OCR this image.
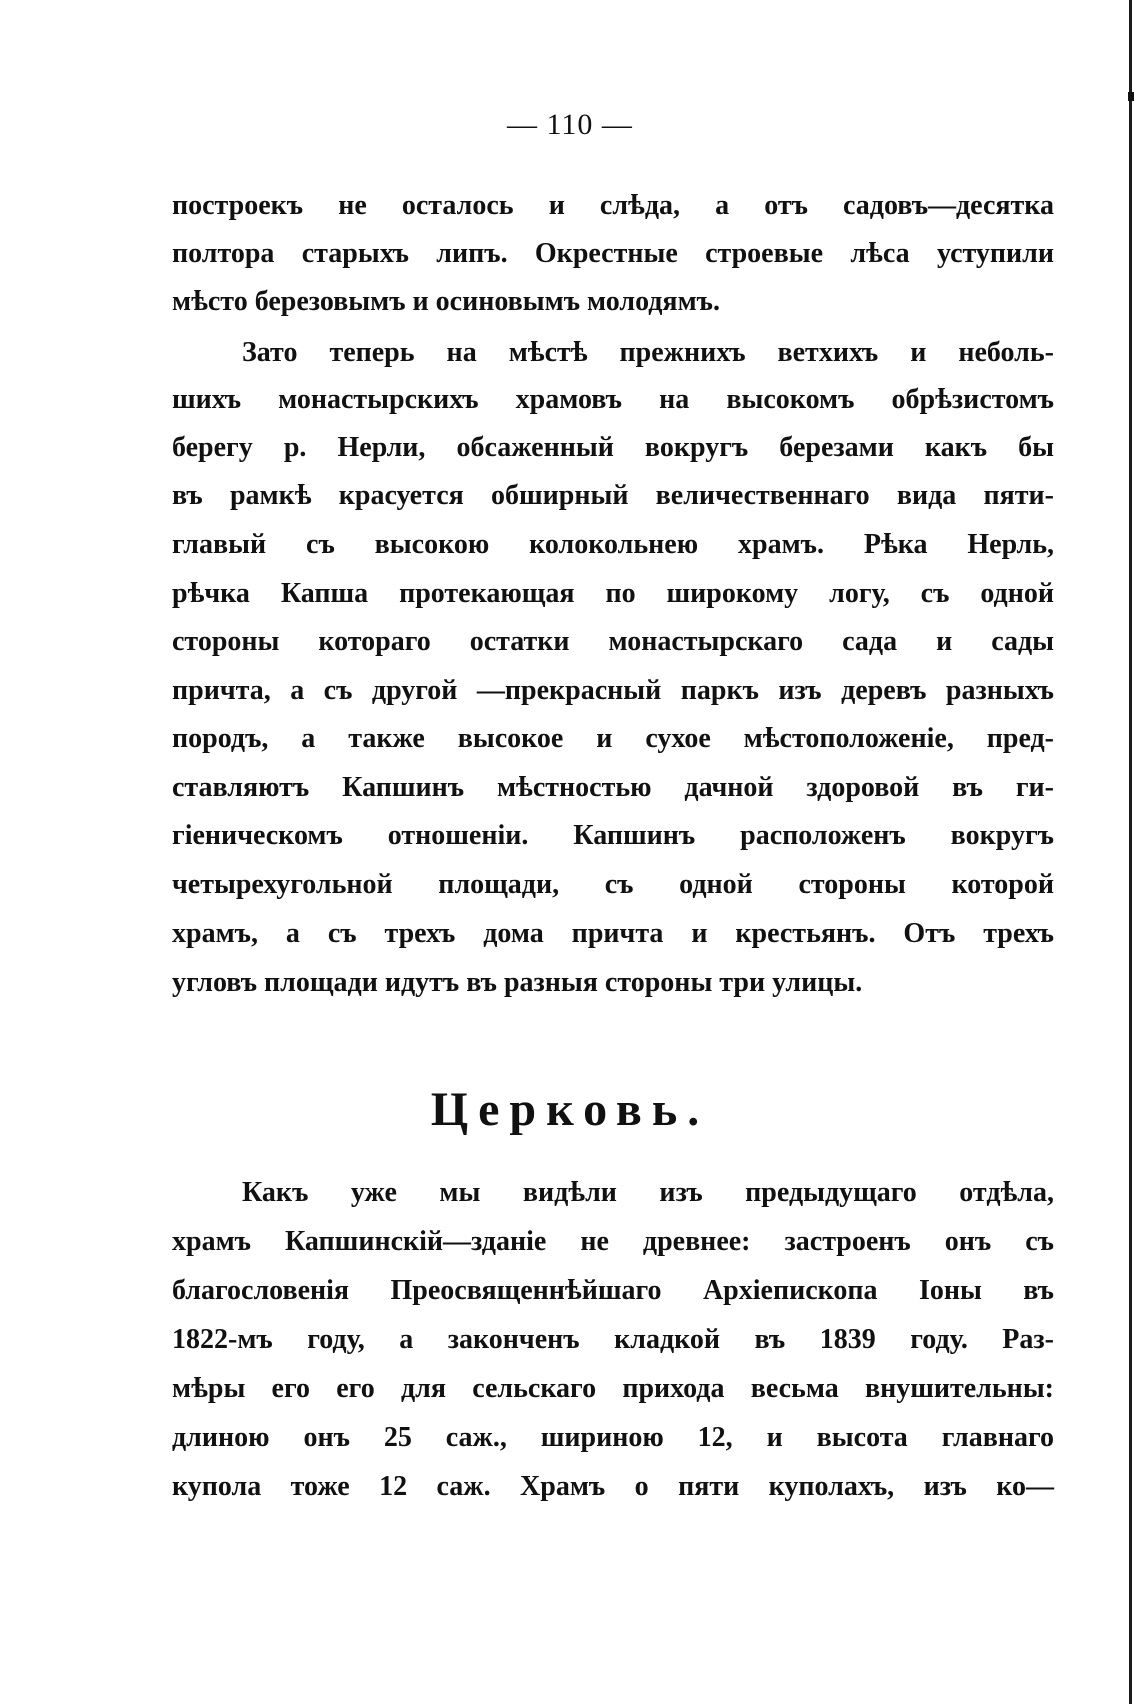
— 110 —
построекъ не осталось и слѣда, а отъ садовъ—десятка
полтора старыхъ липъ. Окрестные строевые лѣса уступили
мѣсто березовымъ и осиновымъ молодямъ.
Зато теперь на мѣстѣ прежнихъ ветхихъ и неболь-
шихъ монастырскихъ храмовъ на высокомъ обрѣзистомъ
берегу р. Нерли, обсаженный вокругъ березами какъ бы
въ рамкѣ красуется обширный величественнаго вида пяти-
главый съ высокою колокольнею храмъ. Рѣка Нерль,
рѣчка Капша протекающая по широкому логу, съ одной
стороны котораго остатки монастырскаго сада и сады
причта, а съ другой —прекрасный паркъ изъ деревъ разныхъ
породъ, а также высокое и сухое мѣстоположеніе, пред-
ставляютъ Капшинъ мѣстностью дачной здоровой въ ги-
гіеническомъ отношеніи. Капшинъ расположенъ вокругъ
четырехугольной площади, съ одной стороны которой
храмъ, а съ трехъ дома причта и крестьянъ. Отъ трехъ
угловъ площади идутъ въ разныя стороны три улицы.
Церковь.
Какъ уже мы видѣли изъ предыдущаго отдѣла,
храмъ Капшинскій—зданіе не древнее: застроенъ онъ съ
благословенія Преосвященнѣйшаго Архіепископа Іоны въ
1822-мъ году, а законченъ кладкой въ 1839 году. Раз-
мѣры его его для сельскаго прихода весьма внушительны:
длиною онъ 25 саж., шириною 12, и высота главнаго
купола тоже 12 саж. Храмъ о пяти куполахъ, изъ ко—
